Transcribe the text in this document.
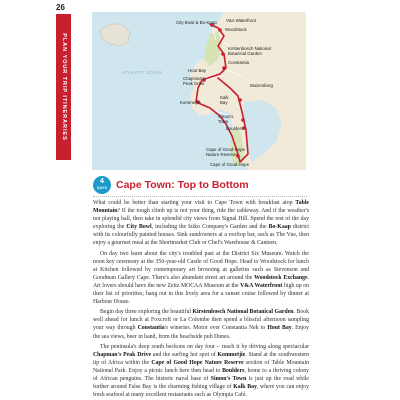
26
PLAN YOUR TRIP ITINERARIES
City Bowl & Bo-Kaap V&A Waterfront
Woodstock
Kirstenbosch National
Botanical Garden
Constantia
Hout Bay
Chapman's
Peak Drive
ATLANTIC OCEAN
Muizenberg
Kalk
Bay
Kommetjie
Simon's
Town
Boulders
Cape of Good Hope
Nature Reserve
Cape of Good Hope
4
DAYS Cape Town: Top to Bottom

What could be better than starting your visit to Cape Town with breakfast atop Table Mountain? If the tough climb up is not your thing, ride the cableway. And if the weather's not playing ball, then take in splendid city views from Signal Hill. Spend the rest of the day exploring the City Bowl, including the Iziko Company's Garden and the Bo-Kaap district with its colourfully painted houses. Sink sundowners at a rooftop bar, such as The Vue, then enjoy a gourmet meal at the Shortmarket Club or Chef's Warehouse & Canteen.

On day two learn about the city's troubled past at the District Six Museum. Watch the noon key ceremony at the 350-year-old Castle of Good Hope. Head to Woodstock for lunch at Kitchen followed by contemporary art browsing at galleries such as Stevenson and Goodman Gallery Cape. There's also abundant street art around the Woodstock Exchange. Art lovers should have the new Zeitz MOCAA Museum at the V&A Waterfront high up on their list of priorities; hang out in this lively area for a sunset cruise followed by dinner at Harbour House.

Begin day three exploring the beautiful Kirstenbosch National Botanical Garden. Book well ahead for lunch at Foxcroft or La Colombe then spend a blissful afternoon sampling your way through Constantia's wineries. Motor over Constantia Nek to Hout Bay. Enjoy the sea views, beer in hand, from the beachside pub Dunes.

The peninsula's deep south beckons on day four – reach it by driving along spectacular Chapman's Peak Drive and the surfing hot spot of Kommetjie. Stand at the southwestern tip of Africa within the Cape of Good Hope Nature Reserve section of Table Mountain National Park. Enjoy a picnic lunch here then head to Boulders, home to a thriving colony of African penguins. The historic naval base of Simon's Town is just up the road while further around False Bay is the charming fishing village of Kalk Bay, where you can enjoy fresh seafood at many excellent restaurants such as Olympia Café.
